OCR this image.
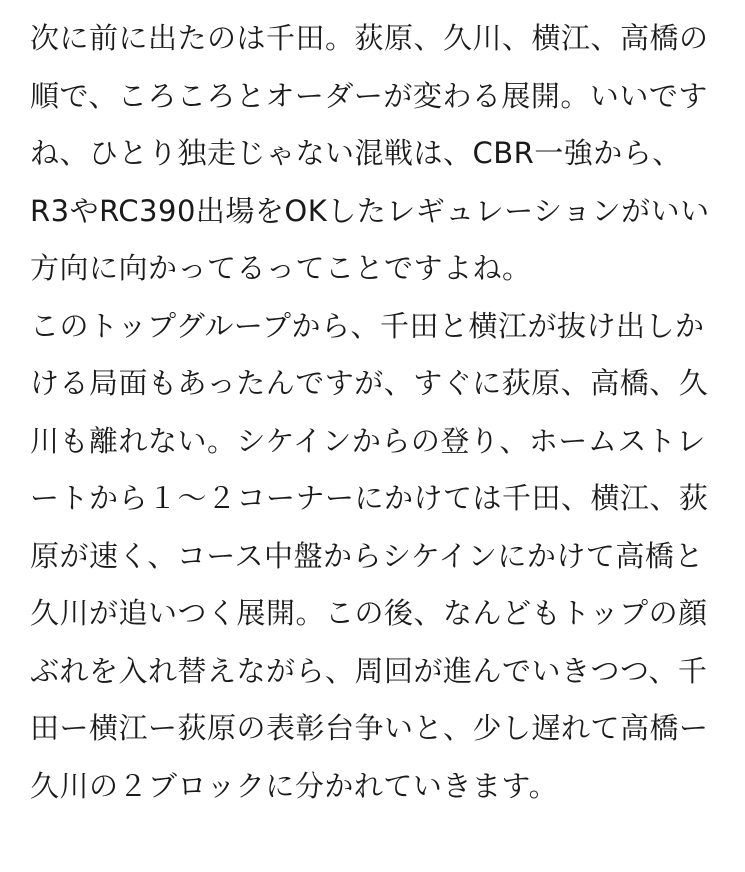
次に前に出たのは千田。荻原、久川、横江、高橋の
順で、ころころとオーダーが変わる展開。いいです
ね、ひとり独走じゃない混戦は、CBR一強から、
R3やRC390出場をOKしたレギュレーションがいい
方向に向かってるってことですよね。
このトップグループから、千田と横江が抜け出しか
ける局面もあったんですが、すぐに荻原、高橋、久
川も離れない。シケインからの登り、ホームストレ
ートから１〜２コーナーにかけては千田、横江、荻
原が速く、コース中盤からシケインにかけて高橋と
久川が追いつく展開。この後、なんどもトップの顔
ぶれを入れ替えながら、周回が進んでいきつつ、千
田ー横江ー荻原の表彰台争いと、少し遅れて高橋ー
久川の２ブロックに分かれていきます。
